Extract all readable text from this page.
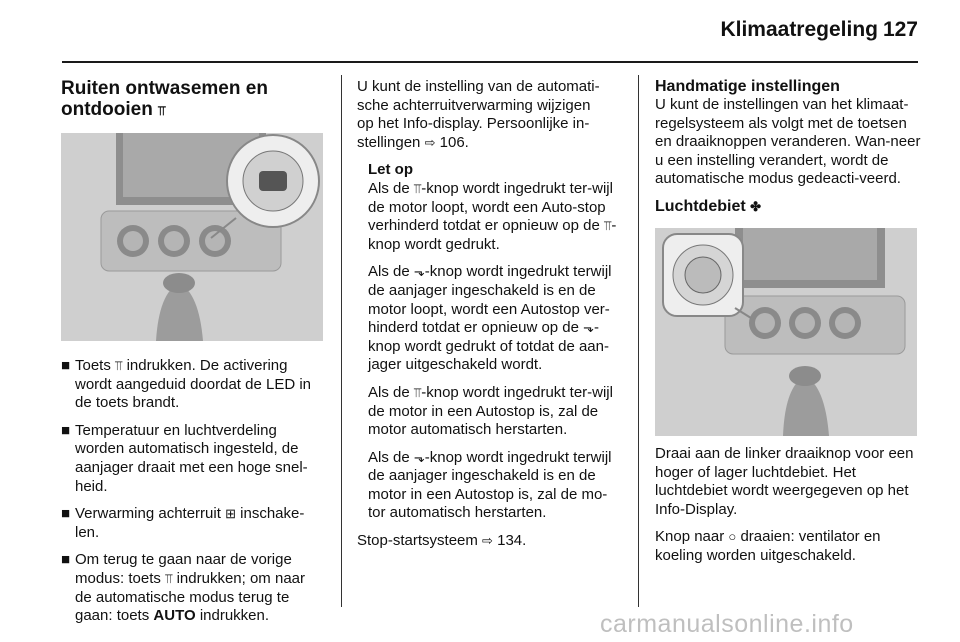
Klimaatregeling 127
Ruiten ontwasemen en
ontdooien ⫪
■ Toets ⫪ indrukken. De activering wordt aangeduid doordat de LED in de toets brandt.
■ Temperatuur en luchtverdeling worden automatisch ingesteld, de aanjager draait met een hoge snel-heid.
■ Verwarming achterruit ⊞ inschake-len.
■ Om terug te gaan naar de vorige modus: toets ⫪ indrukken; om naar de automatische modus terug te gaan: toets AUTO indrukken.

U kunt de instelling van de automati-
sche achterruitverwarming wijzigen
op het Info-display. Persoonlijke in-
stellingen ⇨ 106.

Let op

Als de ⫪-knop wordt ingedrukt ter-wijl de motor loopt, wordt een Auto-stop verhinderd totdat er opnieuw op de ⫪-knop wordt gedrukt.

Als de ⬎-knop wordt ingedrukt terwijl de aanjager ingeschakeld is en de motor loopt, wordt een Autostop ver-hinderd totdat er opnieuw op de ⬎-knop wordt gedrukt of totdat de aan-jager uitgeschakeld wordt.

Als de ⫪-knop wordt ingedrukt ter-wijl de motor in een Autostop is, zal de motor automatisch herstarten.

Als de ⬎-knop wordt ingedrukt terwijl de aanjager ingeschakeld is en de motor in een Autostop is, zal de mo-tor automatisch herstarten.

Stop-startsysteem ⇨ 134.

Handmatige instellingen

U kunt de instellingen van het klimaat-regelsysteem als volgt met de toetsen en draaiknoppen veranderen. Wan-neer u een instelling verandert, wordt de automatische modus gedeacti-veerd.

Luchtdebiet ✤

Draai aan de linker draaiknop voor een hoger of lager luchtdebiet. Het luchtdebiet wordt weergegeven op het Info-Display.

Knop naar ○ draaien: ventilator en koeling worden uitgeschakeld.

carmanualsonline.info
